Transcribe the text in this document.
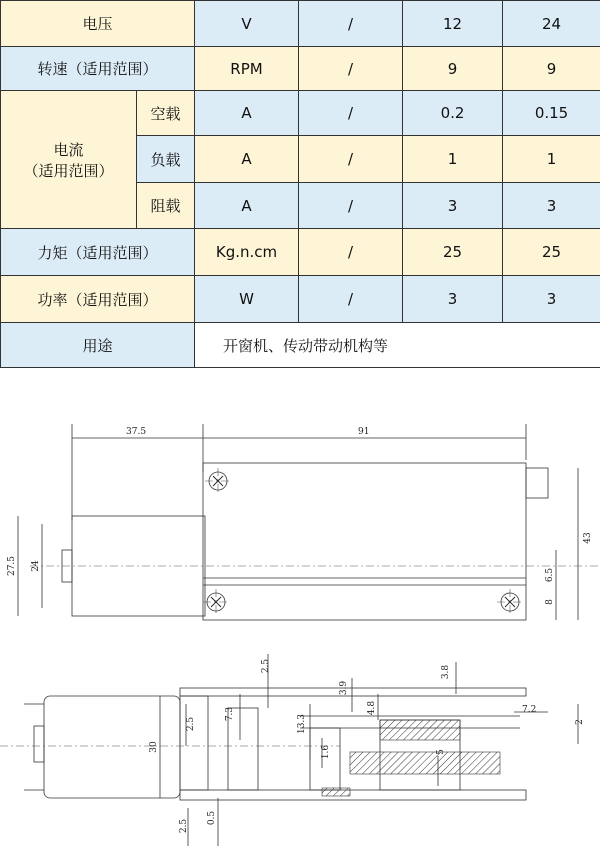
电压		V	/	12	24
转速（适用范围）		RPM	/	9	9

电流
（适用范围）	空载	A	/	0.2	0.15
	负载	A	/	1	1
	阻载	A	/	3	3
力矩（适用范围）		Kg.n.cm	/	25	25
功率（适用范围）		W	/	3	3
用途		开窗机、传动带动机构等			
37.5	91
27.5 24
43
6.5
8
30
2.5
2.5
7.3	13.3
1.6
3.9
4.8
3.8
7.2
2
2.5
0.5
5
